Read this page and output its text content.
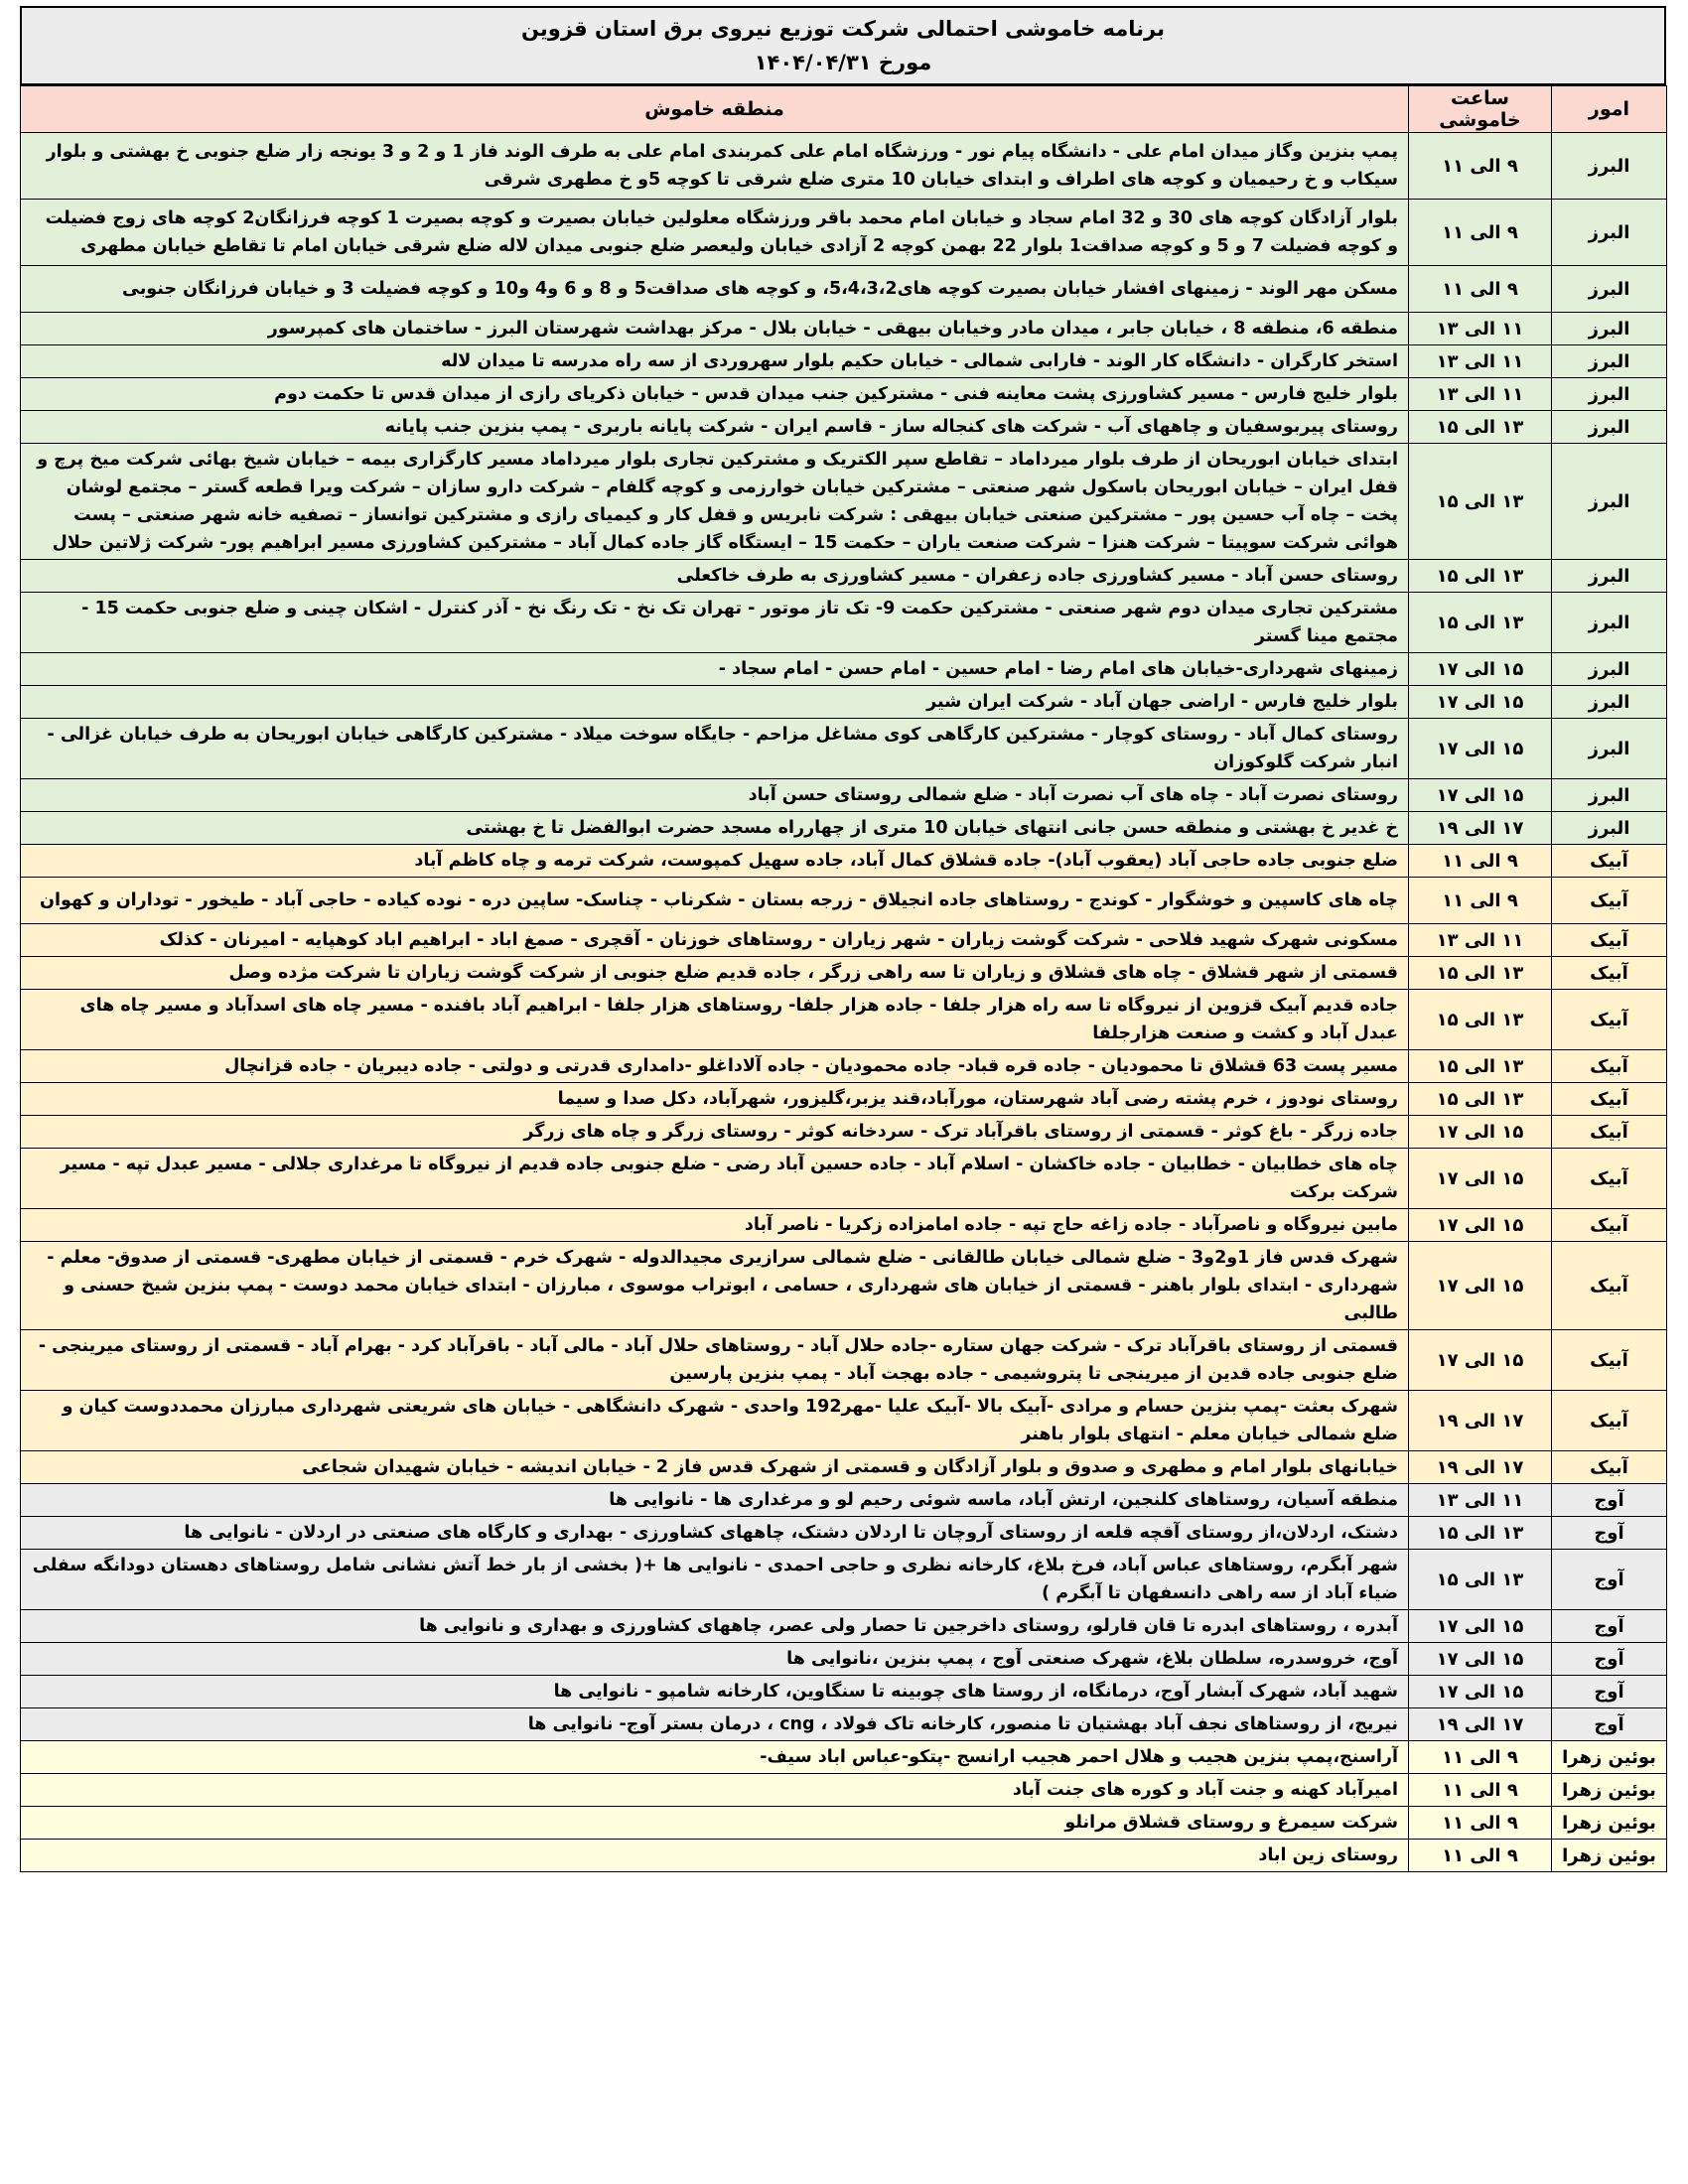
برنامه خاموشی احتمالی شرکت توزیع نیروی برق استان قزوین
مورخ ۱۴۰۴/۰۴/۳۱
امور	ساعت خاموشی	منطقه خاموش
البرز	۹ الی ۱۱	پمپ بنزین وگاز میدان امام علی - دانشگاه پیام نور - ورزشگاه امام علی کمربندی امام علی به طرف الوند فاز 1 و 2 و 3 یونجه زار ضلع جنوبی خ بهشتی و بلوار سیکاب و خ رحیمیان و کوچه های اطراف و ابتدای خیابان 10 متری ضلع شرقی تا کوچه 5و خ مطهری شرقی
البرز	۹ الی ۱۱	بلوار آزادگان کوچه های 30 و 32 امام سجاد و خیابان امام محمد باقر ورزشگاه معلولین خیابان بصیرت و کوچه بصیرت 1 کوچه فرزانگان2 کوچه های زوج فضیلت و کوچه فضیلت 7 و 5 و کوچه صداقت1 بلوار 22 بهمن کوچه 2 آزادی خیابان ولیعصر ضلع جنوبی میدان لاله ضلع شرقی خیابان امام تا تقاطع خیابان مطهری
البرز	۹ الی ۱۱	مسکن مهر الوند - زمینهای افشار خیابان بصیرت کوچه های5،4،3،2، و کوچه های صداقت5 و 8 و 6 و4 و10 و کوچه فضیلت 3 و خیابان فرزانگان جنوبی
البرز	۱۱ الی ۱۳	منطقه 6، منطقه 8 ، خیابان جابر ، میدان مادر وخیابان بیهقی - خیابان بلال - مرکز بهداشت شهرستان البرز - ساختمان های کمپرسور
البرز	۱۱ الی ۱۳	استخر کارگران - دانشگاه کار الوند - فارابی شمالی - خیابان حکیم بلوار سهروردی از سه راه مدرسه تا میدان لاله
البرز	۱۱ الی ۱۳	بلوار خلیج فارس - مسیر کشاورزی پشت معاینه فنی - مشترکین جنب میدان قدس - خیابان ذکریای رازی از میدان قدس تا حکمت دوم
البرز	۱۳ الی ۱۵	روستای پیربوسفیان و چاههای آب - شرکت های کنجاله ساز - قاسم ایران - شرکت پایانه باربری - پمپ بنزین جنب پایانه
البرز	۱۳ الی ۱۵	ابتدای خیابان ابوریحان از طرف بلوار میرداماد – تقاطع سپر الکتریک و مشترکین تجاری بلوار میرداماد مسیر کارگزاری بیمه – خیابان شیخ بهائی شرکت میخ پرچ و قفل ایران – خیابان ابوریحان باسکول شهر صنعتی – مشترکین خیابان خوارزمی و کوچه گلفام – شرکت دارو سازان – شرکت ویرا قطعه گستر – مجتمع لوشان پخت – چاه آب حسین پور – مشترکین صنعتی خیابان بیهقی : شرکت نابریس و قفل کار و کیمیای رازی و مشترکین توانساز – تصفیه خانه شهر صنعتی – پست هوائی شرکت سوپیتا – شرکت هنزا – شرکت صنعت یاران – حکمت 15 – ایستگاه گاز جاده کمال آباد – مشترکین کشاورزی مسیر ابراهیم پور- شرکت ژلاتین حلال
البرز	۱۳ الی ۱۵	روستای حسن آباد - مسیر کشاورزی جاده زعفران - مسیر کشاورزی به طرف خاکعلی
البرز	۱۳ الی ۱۵	مشترکین تجاری میدان دوم شهر صنعتی - مشترکین حکمت 9- تک تاز موتور - تهران تک نخ - تک رنگ نخ - آذر کنترل - اشکان چینی و ضلع جنوبی حکمت 15 - مجتمع مینا گستر
البرز	۱۵ الی ۱۷	زمینهای شهرداری-خیابان های امام رضا - امام حسین - امام حسن - امام سجاد -
البرز	۱۵ الی ۱۷	بلوار خلیج فارس - اراضی جهان آباد - شرکت ایران شیر
البرز	۱۵ الی ۱۷	روستای کمال آباد - روستای کوچار - مشترکین کارگاهی کوی مشاغل مزاحم - جایگاه سوخت میلاد - مشترکین کارگاهی خیابان ابوریحان به طرف خیابان غزالی - انبار شرکت گلوکوزان
البرز	۱۵ الی ۱۷	روستای نصرت آباد - چاه های آب نصرت آباد - ضلع شمالی روستای حسن آباد
البرز	۱۷ الی ۱۹	خ غدیر خ بهشتی و منطقه حسن جانی انتهای خیابان 10 متری از چهارراه مسجد حضرت ابوالفضل تا خ بهشتی
آبیک	۹ الی ۱۱	ضلع جنوبی جاده حاجی آباد (یعقوب آباد)- جاده قشلاق کمال آباد، جاده سهیل کمپوست، شرکت ترمه و چاه کاظم آباد
آبیک	۹ الی ۱۱	چاه های کاسپین و خوشگوار - کوندج - روستاهای جاده انجیلاق - زرجه بستان - شکرناب - چناسک- ساپین دره - نوده کیاده - حاجی آباد - طیخور - توداران و کهوان
آبیک	۱۱ الی ۱۳	مسکونی شهرک شهید فلاحی - شرکت گوشت زیاران - شهر زیاران - روستاهای خوزنان - آقچری - صمغ اباد - ابراهیم اباد کوهپایه - امیرنان - کذلک
آبیک	۱۳ الی ۱۵	قسمتی از شهر قشلاق - چاه های قشلاق و زیاران تا سه راهی زرگر ، جاده قدیم ضلع جنوبی از شرکت گوشت زیاران تا شرکت مژده وصل
آبیک	۱۳ الی ۱۵	جاده قدیم آبیک قزوین از نیروگاه تا سه راه هزار جلفا - جاده هزار جلفا- روستاهای هزار جلفا - ابراهیم آباد بافنده - مسیر چاه های اسدآباد و مسیر چاه های عبدل آباد و کشت و صنعت هزارجلفا
آبیک	۱۳ الی ۱۵	مسیر پست 63 قشلاق تا محمودیان - جاده قره قباد- جاده محمودیان - جاده آلاداغلو -دامداری قدرتی و دولتی - جاده دیبریان - جاده قزانچال
آبیک	۱۳ الی ۱۵	روستای نودوز ، خرم پشته رضی آباد شهرستان، مورآباد،قند یزبر،گلیزور، شهرآباد، دکل صدا و سیما
آبیک	۱۵ الی ۱۷	جاده زرگر - باغ کوثر - قسمتی از روستای باقرآباد ترک - سردخانه کوثر - روستای زرگر و چاه های زرگر
آبیک	۱۵ الی ۱۷	چاه های خطابیان - خطابیان - جاده خاکشان - اسلام آباد - جاده حسین آباد رضی - ضلع جنوبی جاده قدیم از نیروگاه تا مرغداری جلالی - مسیر عبدل تپه - مسیر شرکت برکت
آبیک	۱۵ الی ۱۷	مابین نیروگاه و ناصرآباد - جاده زاغه حاج تپه - جاده امامزاده زکریا - ناصر آباد
آبیک	۱۵ الی ۱۷	شهرک قدس فاز 1و2و3 - ضلع شمالی خیابان طالقانی - ضلع شمالی سرازیری مجیدالدوله - شهرک خرم - قسمتی از خیابان مطهری- قسمتی از صدوق- معلم - شهرداری - ابتدای بلوار باهنر - قسمتی از خیابان های شهرداری ، حسامی ، ابوتراب موسوی ، مبارزان - ابتدای خیابان محمد دوست - پمپ بنزین شیخ حسنی و طالبی
آبیک	۱۵ الی ۱۷	قسمتی از روستای باقرآباد ترک - شرکت جهان ستاره -جاده حلال آباد - روستاهای حلال آباد - مالی آباد - باقرآباد کرد - بهرام آباد - قسمتی از روستای میرینجی - ضلع جنوبی جاده قدین از میرینجی تا پتروشیمی - جاده بهجت آباد - پمپ بنزین پارسین
آبیک	۱۷ الی ۱۹	شهرک بعثت -پمپ بنزین حسام و مرادی -آبیک بالا -آبیک علیا -مهر192 واحدی - شهرک دانشگاهی - خیابان های شریعتی شهرداری مبارزان محمددوست کیان و ضلع شمالی خیابان معلم - انتهای بلوار باهنر
آبیک	۱۷ الی ۱۹	خیابانهای بلوار امام و مطهری و صدوق و بلوار آزادگان و قسمتی از شهرک قدس فاز 2 - خیابان اندیشه - خیابان شهیدان شجاعی
آوج	۱۱ الی ۱۳	منطقه آسیان، روستاهای کلنجین، ارتش آباد، ماسه شوئی رحیم لو و مرغداری ها - نانوایی ها
آوج	۱۳ الی ۱۵	دشتک، اردلان،از روستای آقچه قلعه از روستای آروچان تا اردلان دشتک، چاههای کشاورزی - بهداری و کارگاه های صنعتی در اردلان - نانوایی ها
آوج	۱۳ الی ۱۵	شهر آبگرم، روستاهای عباس آباد، فرخ بلاغ، کارخانه نظری و حاجی احمدی - نانوایی ها +( بخشی از بار خط آتش نشانی شامل روستاهای دهستان دودانگه سفلی ضیاء آباد از سه راهی دانسفهان تا آبگرم )
آوج	۱۵ الی ۱۷	آبدره ، روستاهای ابدره تا قان قارلو، روستای داخرجین تا حصار ولی عصر، چاههای کشاورزی و بهداری و نانوایی ها
آوج	۱۵ الی ۱۷	آوج، خروسدره، سلطان بلاغ، شهرک صنعتی آوج ، پمپ بنزین ،نانوایی ها
آوج	۱۵ الی ۱۷	شهید آباد، شهرک آبشار آوج، درمانگاه، از روستا های چوبینه تا سنگاوین، کارخانه شامپو - نانوایی ها
آوج	۱۷ الی ۱۹	نیریج، از روستاهای نجف آباد بهشتیان تا منصور، کارخانه تاک فولاد ، cng ، درمان بستر آوج- نانوایی ها
بوئین زهرا	۹ الی ۱۱	آراسنج،پمپ بنزین هجیب و هلال احمر هجیب ارانسج -پتکو-عباس اباد سیف-
بوئین زهرا	۹ الی ۱۱	امیرآباد کهنه و جنت آباد و کوره های جنت آباد
بوئین زهرا	۹ الی ۱۱	شرکت سیمرغ و روستای قشلاق مرانلو
بوئین زهرا	۹ الی ۱۱	روستای زین اباد
